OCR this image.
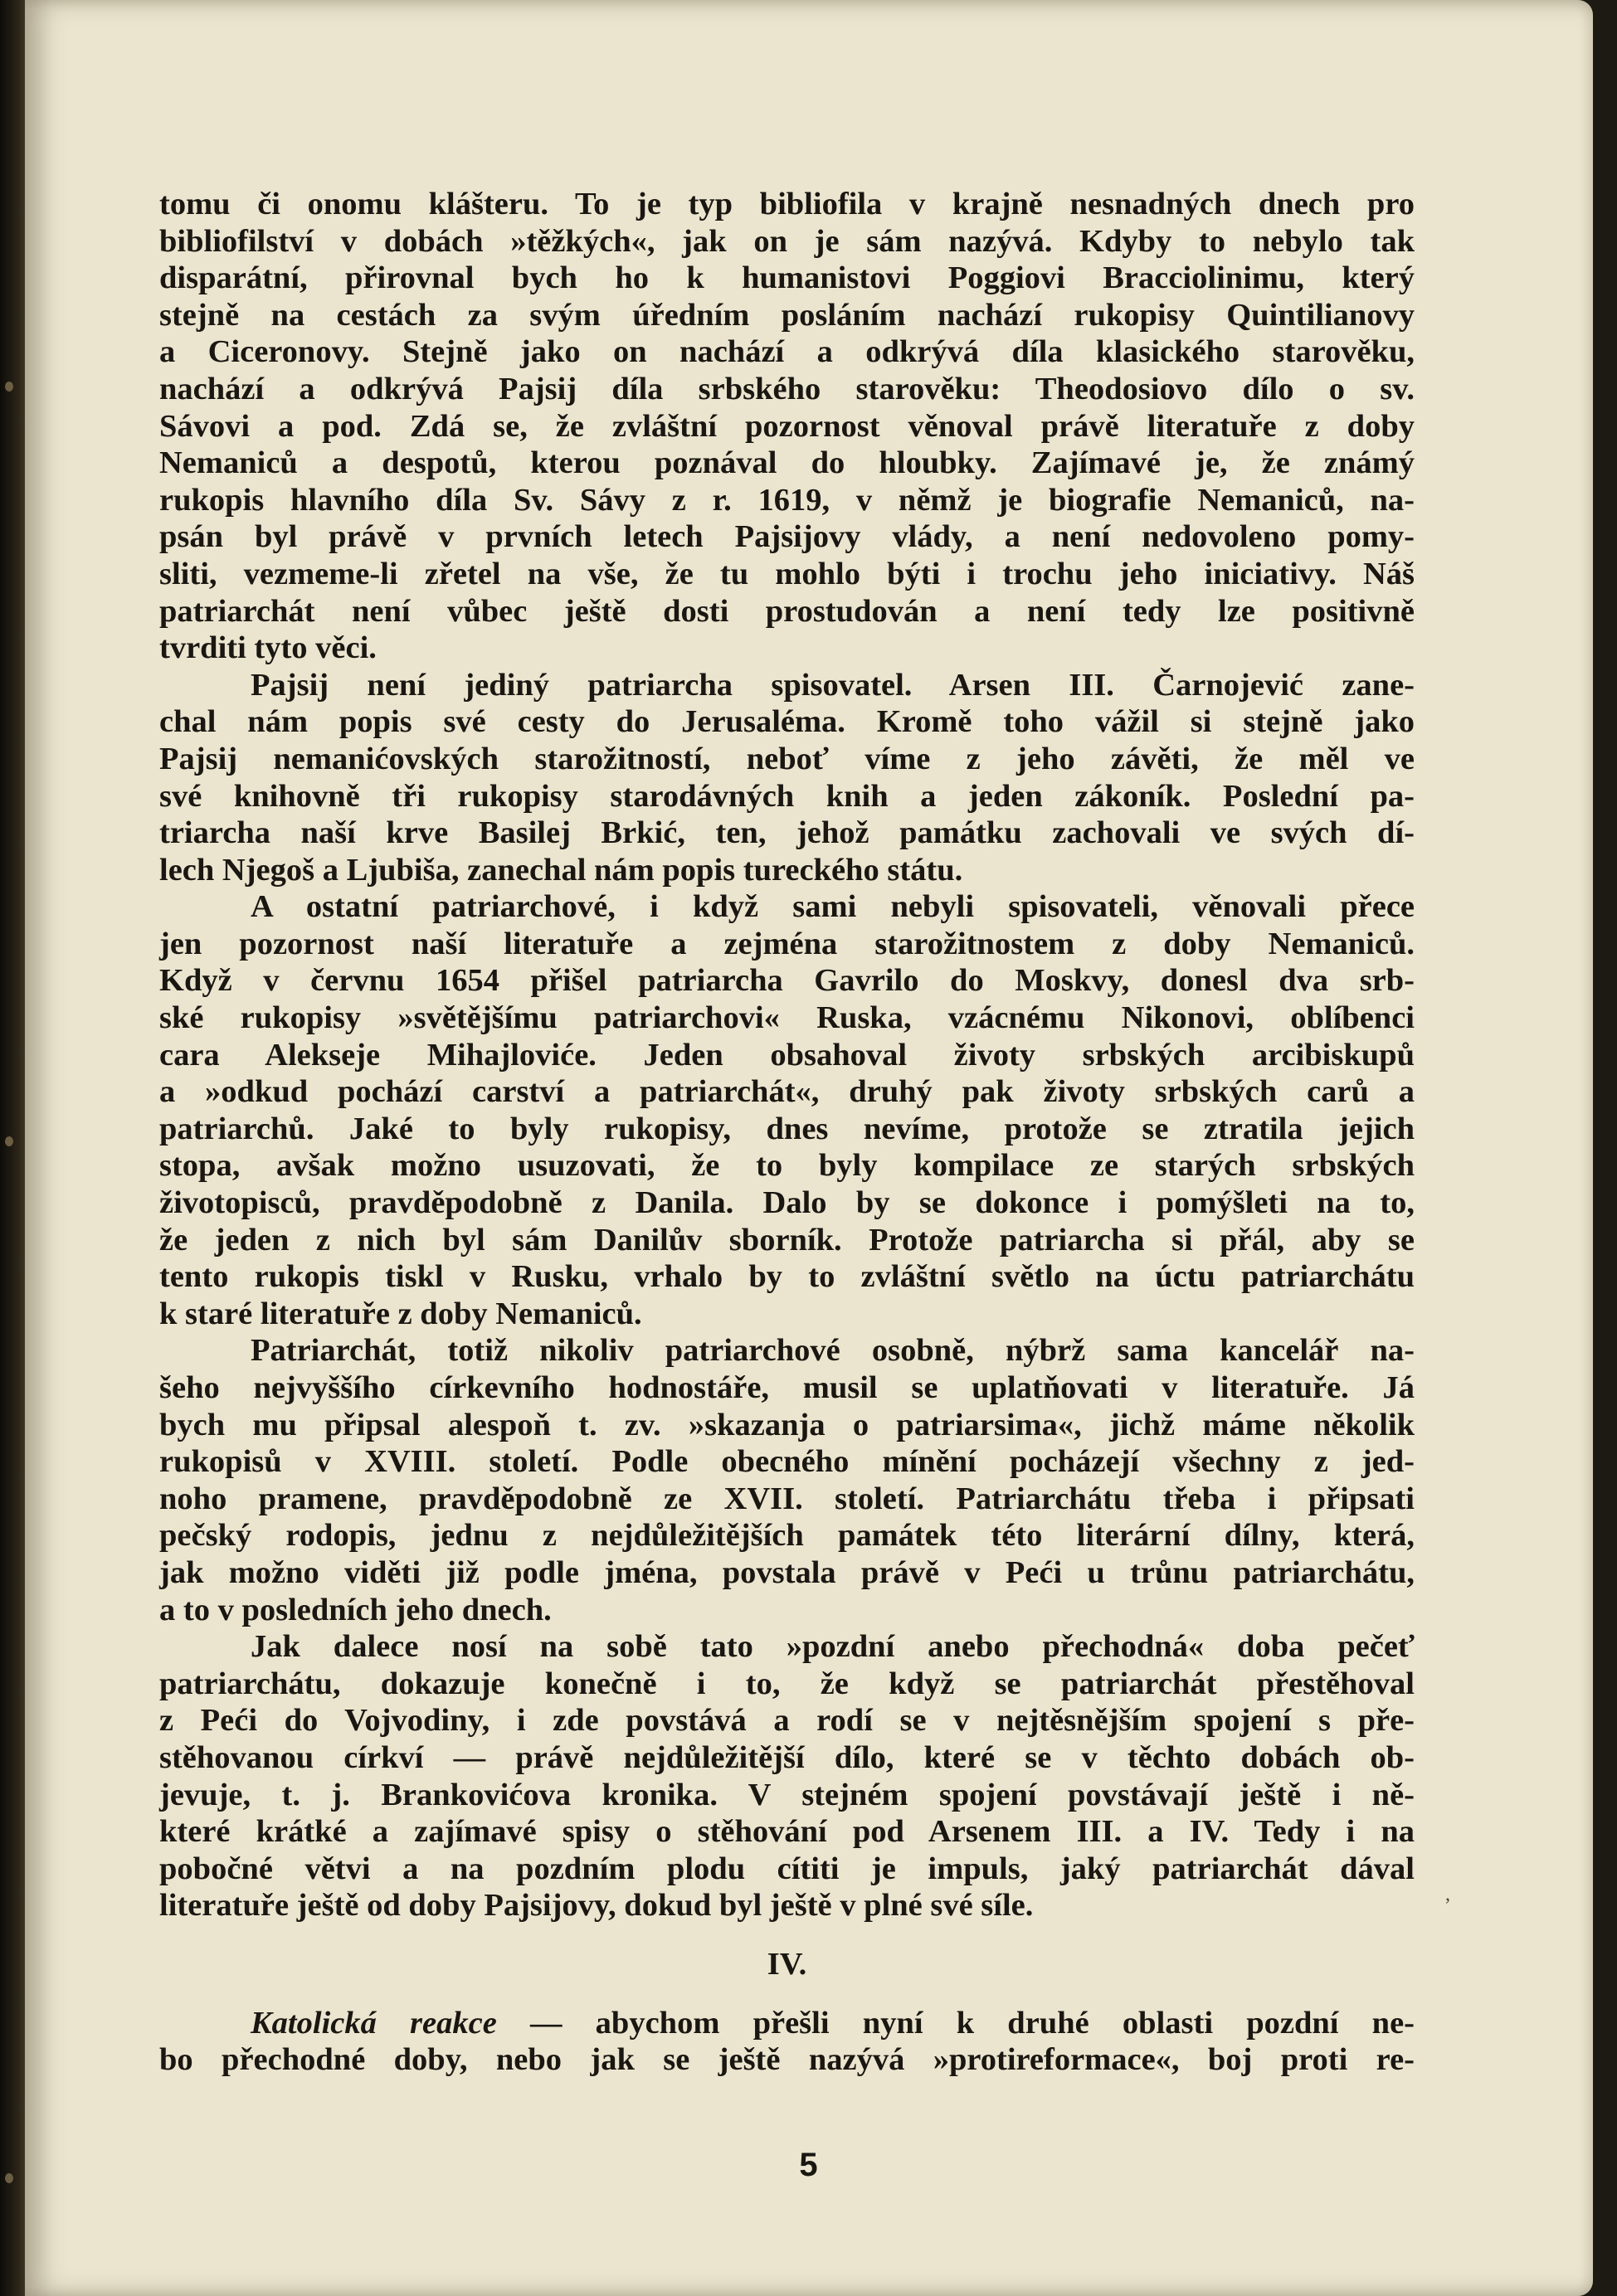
tomu či onomu klášteru. To je typ bibliofila v krajně nesnadných dnech pro
bibliofilství v dobách »těžkých«, jak on je sám nazývá. Kdyby to nebylo tak
disparátní, přirovnal bych ho k humanistovi Poggiovi Bracciolinimu, který
stejně na cestách za svým úředním posláním nachází rukopisy Quintilianovy
a Ciceronovy. Stejně jako on nachází a odkrývá díla klasického starověku,
nachází a odkrývá Pajsij díla srbského starověku: Theodosiovo dílo o sv.
Sávovi a pod. Zdá se, že zvláštní pozornost věnoval právě literatuře z doby
Nemaniců a despotů, kterou poznával do hloubky. Zajímavé je, že známý
rukopis hlavního díla Sv. Sávy z r. 1619, v němž je biografie Nemaniců, na-
psán byl právě v prvních letech Pajsijovy vlády, a není nedovoleno pomy-
sliti, vezmeme-li zřetel na vše, že tu mohlo býti i trochu jeho iniciativy. Náš
patriarchát není vůbec ještě dosti prostudován a není tedy lze positivně
tvrditi tyto věci.
Pajsij není jediný patriarcha spisovatel. Arsen III. Čarnojević zane-
chal nám popis své cesty do Jerusaléma. Kromě toho vážil si stejně jako
Pajsij nemanićovských starožitností, neboť víme z jeho závěti, že měl ve
své knihovně tři rukopisy starodávných knih a jeden zákoník. Poslední pa-
triarcha naší krve Basilej Brkić, ten, jehož památku zachovali ve svých dí-
lech Njegoš a Ljubiša, zanechal nám popis tureckého státu.
A ostatní patriarchové, i když sami nebyli spisovateli, věnovali přece
jen pozornost naší literatuře a zejména starožitnostem z doby Nemaniců.
Když v červnu 1654 přišel patriarcha Gavrilo do Moskvy, donesl dva srb-
ské rukopisy »světějšímu patriarchovi« Ruska, vzácnému Nikonovi, oblíbenci
cara Alekseje Mihajloviće. Jeden obsahoval životy srbských arcibiskupů
a »odkud pochází carství a patriarchát«, druhý pak životy srbských carů a
patriarchů. Jaké to byly rukopisy, dnes nevíme, protože se ztratila jejich
stopa, avšak možno usuzovati, že to byly kompilace ze starých srbských
životopisců, pravděpodobně z Danila. Dalo by se dokonce i pomýšleti na to,
že jeden z nich byl sám Danilův sborník. Protože patriarcha si přál, aby se
tento rukopis tiskl v Rusku, vrhalo by to zvláštní světlo na úctu patriarchátu
k staré literatuře z doby Nemaniců.
Patriarchát, totiž nikoliv patriarchové osobně, nýbrž sama kancelář na-
šeho nejvyššího církevního hodnostáře, musil se uplatňovati v literatuře. Já
bych mu připsal alespoň t. zv. »skazanja o patriarsima«, jichž máme několik
rukopisů v XVIII. století. Podle obecného mínění pocházejí všechny z jed-
noho pramene, pravděpodobně ze XVII. století. Patriarchátu třeba i připsati
pečský rodopis, jednu z nejdůležitějších památek této literární dílny, která,
jak možno viděti již podle jména, povstala právě v Peći u trůnu patriarchátu,
a to v posledních jeho dnech.
Jak dalece nosí na sobě tato »pozdní anebo přechodná« doba pečeť
patriarchátu, dokazuje konečně i to, že když se patriarchát přestěhoval
z Peći do Vojvodiny, i zde povstává a rodí se v nejtěsnějším spojení s pře-
stěhovanou církví — právě nejdůležitější dílo, které se v těchto dobách ob-
jevuje, t. j. Brankovićova kronika. V stejném spojení povstávají ještě i ně-
které krátké a zajímavé spisy o stěhování pod Arsenem III. a IV. Tedy i na
pobočné větvi a na pozdním plodu cítiti je impuls, jaký patriarchát dával
literatuře ještě od doby Pajsijovy, dokud byl ještě v plné své síle.
IV.
Katolická reakce — abychom přešli nyní k druhé oblasti pozdní ne-
bo přechodné doby, nebo jak se ještě nazývá »protireformace«, boj proti re-
,
5
